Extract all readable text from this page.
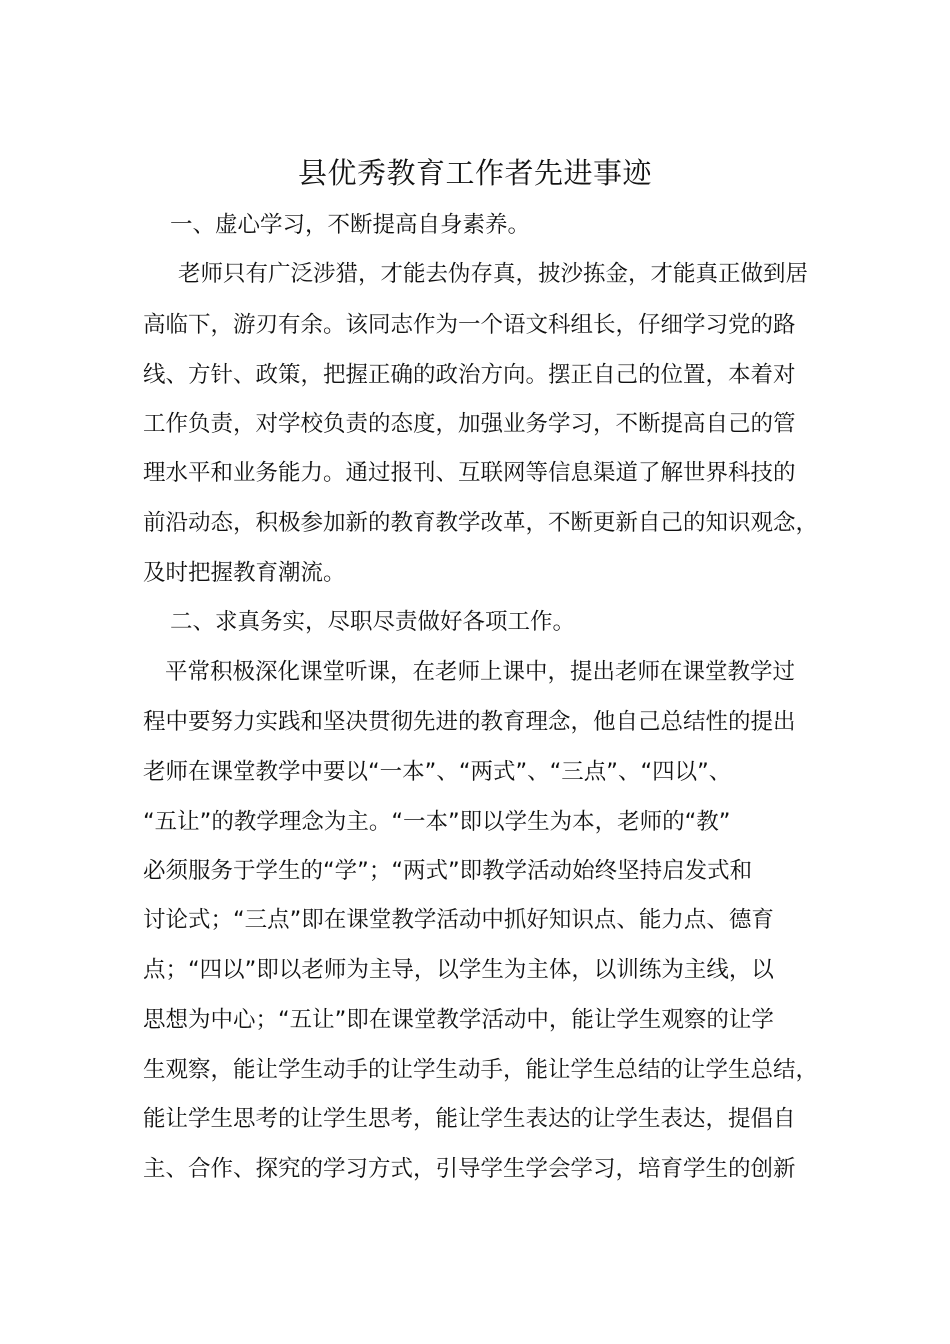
县优秀教育工作者先进事迹
一、虚心学习，不断提高自身素养。
老师只有广泛涉猎，才能去伪存真，披沙拣金，才能真正做到居
高临下，游刃有余。该同志作为一个语文科组长，仔细学习党的路
线、方针、政策，把握正确的政治方向。摆正自己的位置，本着对
工作负责，对学校负责的态度，加强业务学习，不断提高自己的管
理水平和业务能力。通过报刊、互联网等信息渠道了解世界科技的
前沿动态，积极参加新的教育教学改革，不断更新自己的知识观念，
及时把握教育潮流。
二、求真务实，尽职尽责做好各项工作。
平常积极深化课堂听课，在老师上课中，提出老师在课堂教学过
程中要努力实践和坚决贯彻先进的教育理念，他自己总结性的提出
老师在课堂教学中要以“一本”、“两式”、“三点”、“四以”、
“五让”的教学理念为主。“一本”即以学生为本，老师的“教”
必须服务于学生的“学”；“两式”即教学活动始终坚持启发式和
讨论式；“三点”即在课堂教学活动中抓好知识点、能力点、德育
点；“四以”即以老师为主导，以学生为主体，以训练为主线，以
思想为中心；“五让”即在课堂教学活动中，能让学生观察的让学
生观察，能让学生动手的让学生动手，能让学生总结的让学生总结，
能让学生思考的让学生思考，能让学生表达的让学生表达，提倡自
主、合作、探究的学习方式，引导学生学会学习，培育学生的创新
